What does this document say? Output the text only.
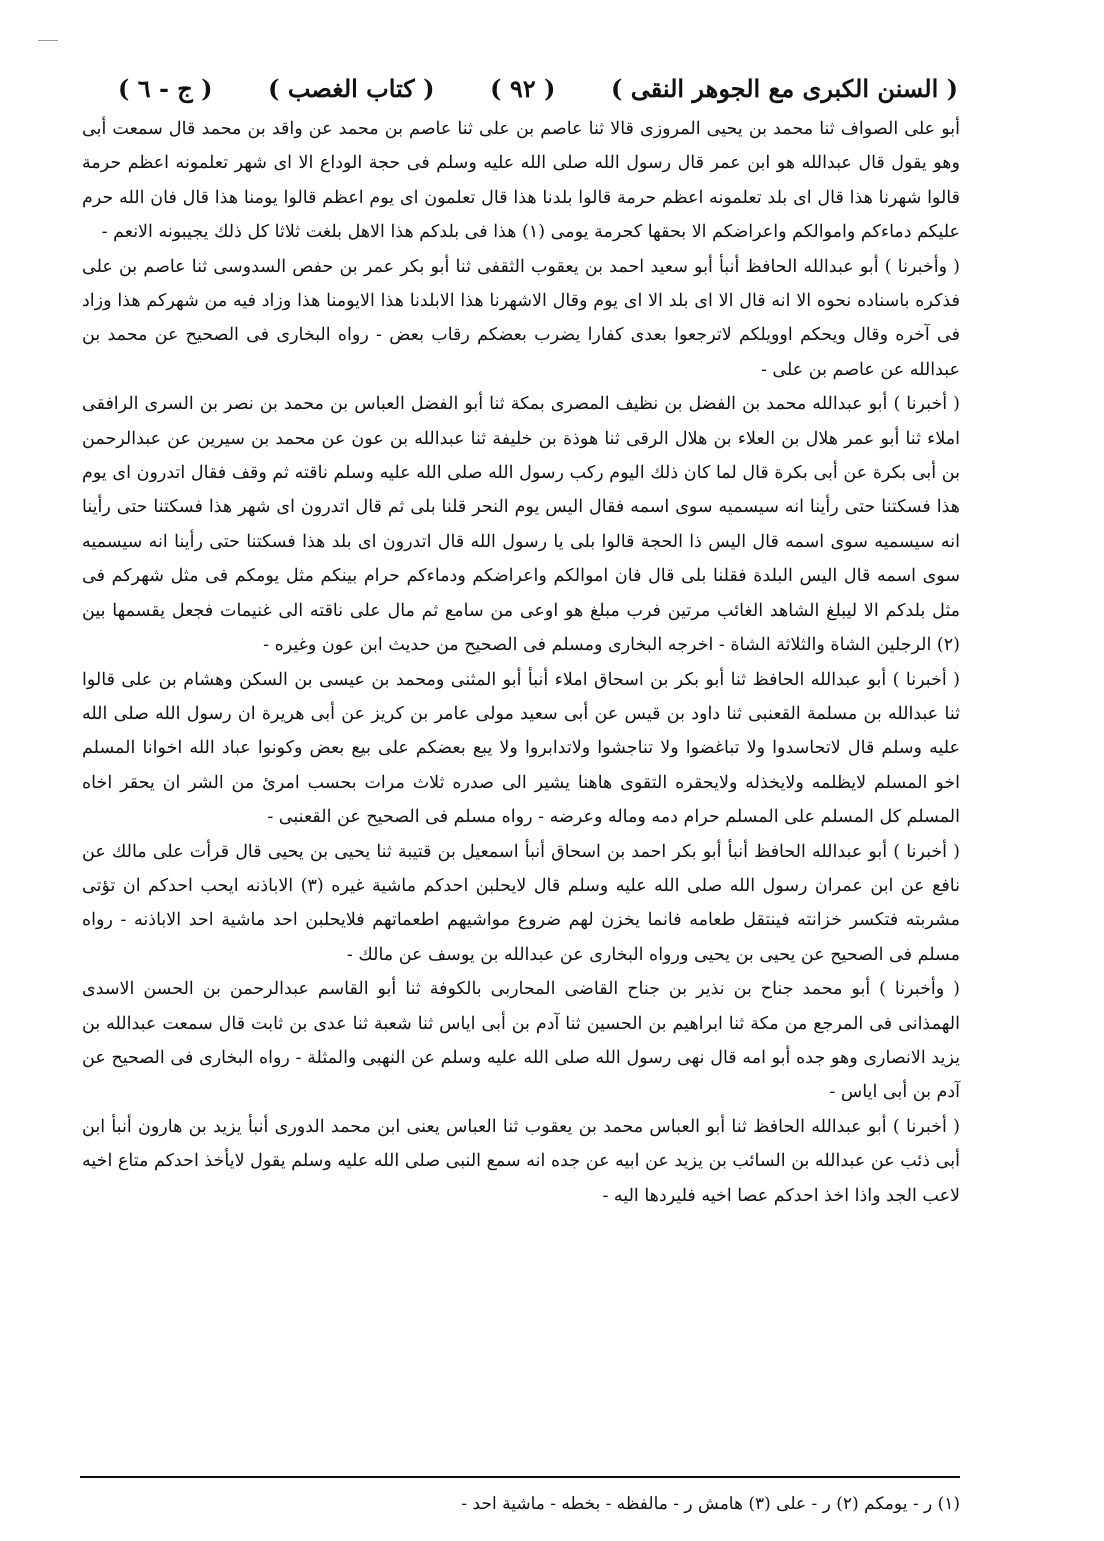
( السنن الكبرى مع الجوهر النقى )
( ٩٢ )
( كتاب الغصب )
( ج - ٦ )

أبو على الصواف ثنا محمد بن يحيى المروزى قالا ثنا عاصم بن على ثنا عاصم بن محمد عن واقد بن محمد قال سمعت أبى وهو يقول قال عبدالله هو ابن عمر قال رسول الله صلى الله عليه وسلم فى حجة الوداع الا اى شهر تعلمونه اعظم حرمة قالوا شهرنا هذا قال اى بلد تعلمونه اعظم حرمة قالوا بلدنا هذا قال تعلمون اى يوم اعظم قالوا يومنا هذا قال فان الله حرم عليكم دماءكم واموالكم واعراضكم الا بحقها كحرمة يومى (١) هذا فى بلدكم هذا الاهل بلغت ثلاثا كل ذلك يجيبونه الانعم -

( وأخبرنا ) أبو عبدالله الحافظ أنبأ أبو سعيد احمد بن يعقوب الثقفى ثنا أبو بكر عمر بن حفص السدوسى ثنا عاصم بن على فذكره باسناده نحوه الا انه قال الا اى بلد الا اى يوم وقال الاشهرنا هذا الابلدنا هذا الايومنا هذا وزاد فيه من شهركم هذا وزاد فى آخره وقال ويحكم اوويلكم لاترجعوا بعدى كفارا يضرب بعضكم رقاب بعض - رواه البخارى فى الصحيح عن محمد بن عبدالله عن عاصم بن على -

( أخبرنا ) أبو عبدالله محمد بن الفضل بن نظيف المصرى بمكة ثنا أبو الفضل العباس بن محمد بن نصر بن السرى الرافقى املاء ثنا أبو عمر هلال بن العلاء بن هلال الرقى ثنا هوذة بن خليفة ثنا عبدالله بن عون عن محمد بن سيرين عن عبدالرحمن بن أبى بكرة عن أبى بكرة قال لما كان ذلك اليوم ركب رسول الله صلى الله عليه وسلم ناقته ثم وقف فقال اتدرون اى يوم هذا فسكتنا حتى رأينا انه سيسميه سوى اسمه فقال اليس يوم النحر قلنا بلى ثم قال اتدرون اى شهر هذا فسكتنا حتى رأينا انه سيسميه سوى اسمه قال اليس ذا الحجة قالوا بلى يا رسول الله قال اتدرون اى بلد هذا فسكتنا حتى رأينا انه سيسميه سوى اسمه قال اليس البلدة فقلنا بلى قال فان اموالكم واعراضكم ودماءكم حرام بينكم مثل يومكم فى مثل شهركم فى مثل بلدكم الا ليبلغ الشاهد الغائب مرتين فرب مبلغ هو اوعى من سامع ثم مال على ناقته الى غنيمات فجعل يقسمها بين (٢) الرجلين الشاة والثلاثة الشاة - اخرجه البخارى ومسلم فى الصحيح من حديث ابن عون وغيره -

( أخبرنا ) أبو عبدالله الحافظ ثنا أبو بكر بن اسحاق املاء أنبأ أبو المثنى ومحمد بن عيسى بن السكن وهشام بن على قالوا ثنا عبدالله بن مسلمة القعنبى ثنا داود بن قيس عن أبى سعيد مولى عامر بن كريز عن أبى هريرة ان رسول الله صلى الله عليه وسلم قال لاتحاسدوا ولا تباغضوا ولا تناجشوا ولاتدابروا ولا يبع بعضكم على بيع بعض وكونوا عباد الله اخوانا المسلم اخو المسلم لايظلمه ولايخذله ولايحقره التقوى هاهنا يشير الى صدره ثلاث مرات بحسب امرئ من الشر ان يحقر اخاه المسلم كل المسلم على المسلم حرام دمه وماله وعرضه - رواه مسلم فى الصحيح عن القعنبى -

( أخبرنا ) أبو عبدالله الحافظ أنبأ أبو بكر احمد بن اسحاق أنبأ اسمعيل بن قتيبة ثنا يحيى بن يحيى قال قرأت على مالك عن نافع عن ابن عمران رسول الله صلى الله عليه وسلم قال لايحلبن احدكم ماشية غيره (٣) الاباذنه ايحب احدكم ان تؤتى مشربته فتكسر خزانته فينتقل طعامه فانما يخزن لهم ضروع مواشيهم اطعماتهم فلايحلبن احد ماشية احد الاباذنه - رواه مسلم فى الصحيح عن يحيى بن يحيى ورواه البخارى عن عبدالله بن يوسف عن مالك -

( وأخبرنا ) أبو محمد جناح بن نذير بن جناح القاضى المحاربى بالكوفة ثنا أبو القاسم عبدالرحمن بن الحسن الاسدى الهمذانى فى المرجع من مكة ثنا ابراهيم بن الحسين ثنا آدم بن أبى اياس ثنا شعبة ثنا عدى بن ثابت قال سمعت عبدالله بن يزيد الانصارى وهو جده أبو امه قال نهى رسول الله صلى الله عليه وسلم عن النهبى والمثلة - رواه البخارى فى الصحيح عن آدم بن أبى اياس -

( أخبرنا ) أبو عبدالله الحافظ ثنا أبو العباس محمد بن يعقوب ثنا العباس يعنى ابن محمد الدورى أنبأ يزيد بن هارون أنبأ ابن أبى ذئب عن عبدالله بن السائب بن يزيد عن ابيه عن جده انه سمع النبى صلى الله عليه وسلم يقول لايأخذ احدكم متاع اخيه لاعب الجد واذا اخذ احدكم عصا اخيه فليردها اليه -

(١) ر - يومكم (٢) ر - على (٣) هامش ر - مالفظه - بخطه - ماشية احد -
